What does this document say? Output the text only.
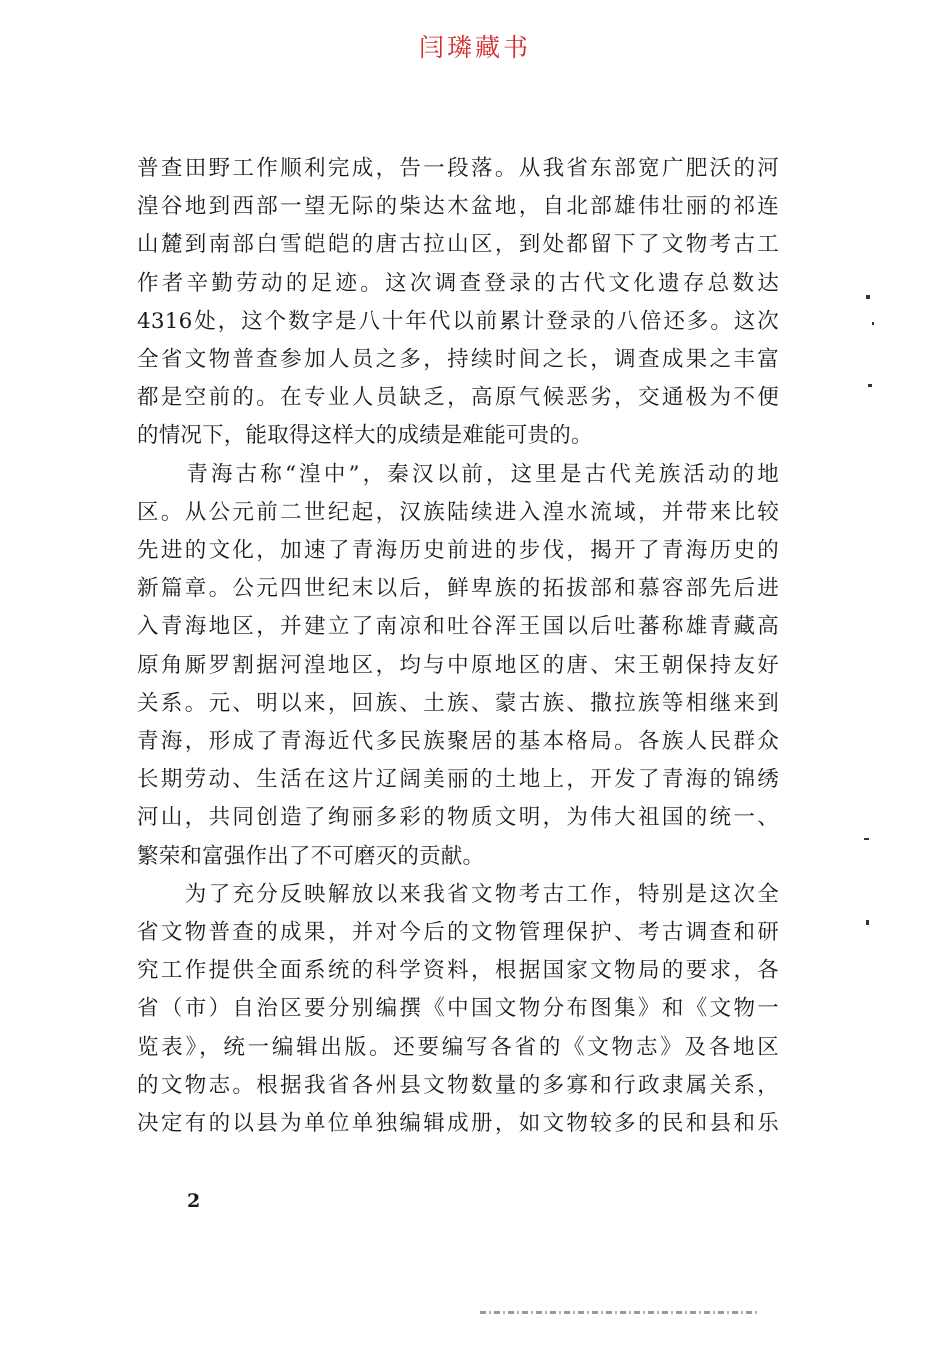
闫璘藏书

普查田野工作顺利完成，告一段落。从我省东部宽广肥沃的河
湟谷地到西部一望无际的柴达木盆地，自北部雄伟壮丽的祁连
山麓到南部白雪皑皑的唐古拉山区，到处都留下了文物考古工
作者辛勤劳动的足迹。这次调查登录的古代文化遗存总数达
4316处，这个数字是八十年代以前累计登录的八倍还多。这次
全省文物普查参加人员之多，持续时间之长，调查成果之丰富
都是空前的。在专业人员缺乏，高原气候恶劣，交通极为不便
的情况下，能取得这样大的成绩是难能可贵的。

　　青海古称“湟中”，秦汉以前，这里是古代羌族活动的地
区。从公元前二世纪起，汉族陆续进入湟水流域，并带来比较
先进的文化，加速了青海历史前进的步伐，揭开了青海历史的
新篇章。公元四世纪末以后，鲜卑族的拓拔部和慕容部先后进
入青海地区，并建立了南凉和吐谷浑王国以后吐蕃称雄青藏高
原角厮罗割据河湟地区，均与中原地区的唐、宋王朝保持友好
关系。元、明以来，回族、土族、蒙古族、撒拉族等相继来到
青海，形成了青海近代多民族聚居的基本格局。各族人民群众
长期劳动、生活在这片辽阔美丽的土地上，开发了青海的锦绣
河山，共同创造了绚丽多彩的物质文明，为伟大祖国的统一、
繁荣和富强作出了不可磨灭的贡献。

　　为了充分反映解放以来我省文物考古工作，特别是这次全
省文物普查的成果，并对今后的文物管理保护、考古调查和研
究工作提供全面系统的科学资料，根据国家文物局的要求，各
省（市）自治区要分别编撰《中国文物分布图集》和《文物一
览表》，统一编辑出版。还要编写各省的《文物志》及各地区
的文物志。根据我省各州县文物数量的多寡和行政隶属关系，
决定有的以县为单位单独编辑成册，如文物较多的民和县和乐

2
